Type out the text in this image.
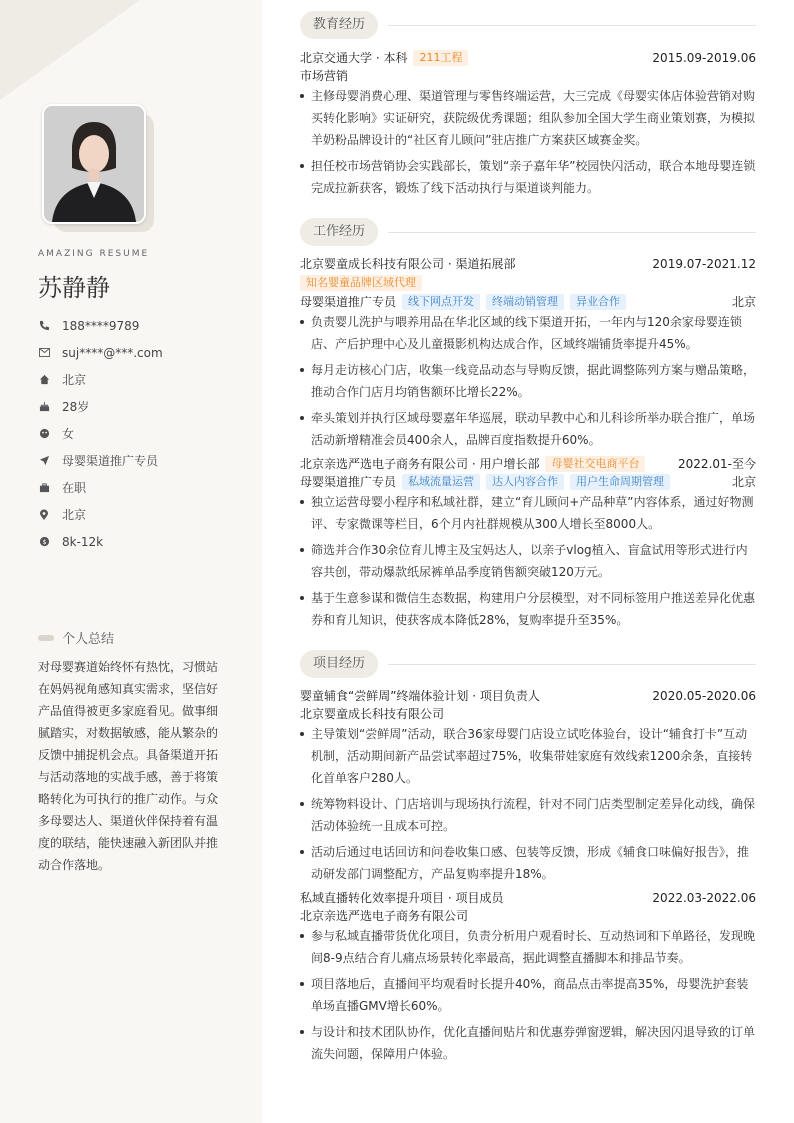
AMAZING RESUME
苏静静
188****9789
suj****@***.com
北京
28岁
女
母婴渠道推广专员
在职
北京
$ 8k-12k
个人总结
对母婴赛道始终怀有热忱，习惯站在妈妈视角感知真实需求，坚信好产品值得被更多家庭看见。做事细腻踏实，对数据敏感，能从繁杂的反馈中捕捉机会点。具备渠道开拓与活动落地的实战手感，善于将策略转化为可执行的推广动作。与众多母婴达人、渠道伙伴保持着有温度的联结，能快速融入新团队并推动合作落地。
教育经历
北京交通大学 · 本科	211工程	2015.09-2019.06
市场营销
主修母婴消费心理、渠道管理与零售终端运营，大三完成《母婴实体店体验营销对购买转化影响》实证研究，获院级优秀课题；组队参加全国大学生商业策划赛，为模拟羊奶粉品牌设计的“社区育儿顾问”驻店推广方案获区域赛金奖。
担任校市场营销协会实践部长，策划“亲子嘉年华”校园快闪活动，联合本地母婴连锁完成拉新获客，锻炼了线下活动执行与渠道谈判能力。
工作经历
北京婴童成长科技有限公司 · 渠道拓展部	2019.07-2021.12
知名婴童品牌区域代理
母婴渠道推广专员	线下网点开发	终端动销管理	异业合作	北京
负责婴儿洗护与喂养用品在华北区域的线下渠道开拓，一年内与120余家母婴连锁店、产后护理中心及儿童摄影机构达成合作，区域终端铺货率提升45%。
每月走访核心门店，收集一线竞品动态与导购反馈，据此调整陈列方案与赠品策略，推动合作门店月均销售额环比增长22%。
牵头策划并执行区域母婴嘉年华巡展，联动早教中心和儿科诊所举办联合推广，单场活动新增精准会员400余人，品牌百度指数提升60%。
北京亲选严选电子商务有限公司 · 用户增长部	母婴社交电商平台	2022.01-至今
母婴渠道推广专员	私域流量运营	达人内容合作	用户生命周期管理	北京
独立运营母婴小程序和私域社群，建立“育儿顾问+产品种草”内容体系，通过好物测评、专家微课等栏目，6个月内社群规模从300人增长至8000人。
筛选并合作30余位育儿博主及宝妈达人，以亲子vlog植入、盲盒试用等形式进行内容共创，带动爆款纸尿裤单品季度销售额突破120万元。
基于生意参谋和微信生态数据，构建用户分层模型，对不同标签用户推送差异化优惠券和育儿知识，使获客成本降低28%，复购率提升至35%。
项目经历
婴童辅食“尝鲜周”终端体验计划 · 项目负责人	2020.05-2020.06
北京婴童成长科技有限公司
主导策划“尝鲜周”活动，联合36家母婴门店设立试吃体验台，设计“辅食打卡”互动机制，活动期间新产品尝试率超过75%，收集带娃家庭有效线索1200余条，直接转化首单客户280人。
统筹物料设计、门店培训与现场执行流程，针对不同门店类型制定差异化动线，确保活动体验统一且成本可控。
活动后通过电话回访和问卷收集口感、包装等反馈，形成《辅食口味偏好报告》，推动研发部门调整配方，产品复购率提升18%。
私域直播转化效率提升项目 · 项目成员	2022.03-2022.06
北京亲选严选电子商务有限公司
参与私域直播带货优化项目，负责分析用户观看时长、互动热词和下单路径，发现晚间8-9点结合育儿痛点场景转化率最高，据此调整直播脚本和排品节奏。
项目落地后，直播间平均观看时长提升40%，商品点击率提高35%，母婴洗护套装单场直播GMV增长60%。
与设计和技术团队协作，优化直播间贴片和优惠券弹窗逻辑，解决因闪退导致的订单流失问题，保障用户体验。
